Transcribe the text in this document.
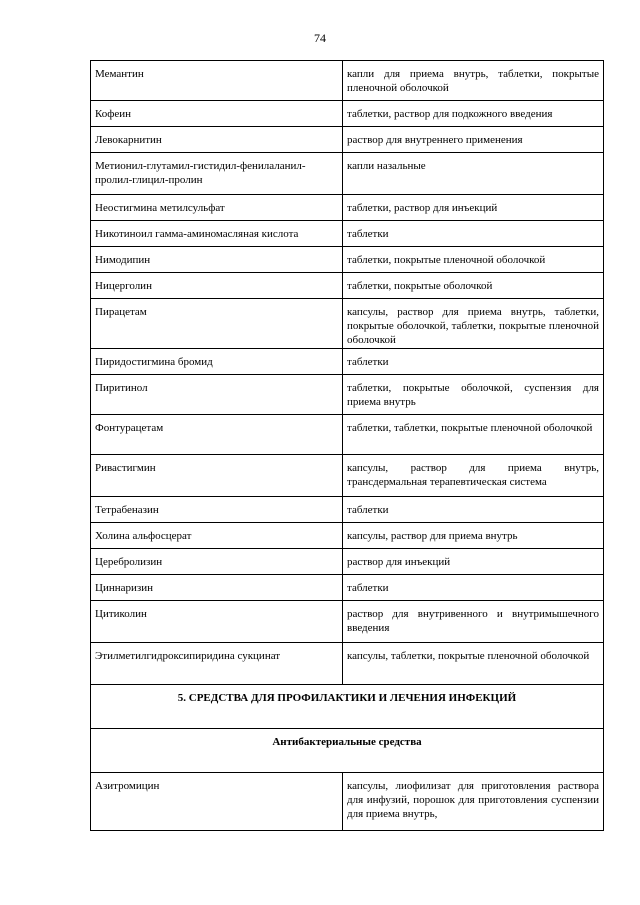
74
Мемантин	капли для приема внутрь, таблетки, покрытые пленочной оболочкой
Кофеин	таблетки, раствор для подкожного введения
Левокарнитин	раствор для внутреннего применения
Метионил-глутамил-гистидил-фенилаланил-пролил-глицил-пролин	капли назальные
Неостигмина метилсульфат	таблетки, раствор для инъекций
Никотиноил гамма-аминомасляная кислота	таблетки
Нимодипин	таблетки, покрытые пленочной оболочкой
Ницерголин	таблетки, покрытые оболочкой
Пирацетам	капсулы, раствор для приема внутрь, таблетки, покрытые оболочкой, таблетки, покрытые пленочной оболочкой
Пиридостигмина бромид	таблетки
Пиритинол	таблетки, покрытые оболочкой, суспензия для приема внутрь
Фонтурацетам	таблетки, таблетки, покрытые пленочной оболочкой
Ривастигмин	капсулы, раствор для приема внутрь, трансдермальная терапевтическая система
Тетрабеназин	таблетки
Холина альфосцерат	капсулы, раствор для приема внутрь
Церебролизин	раствор для инъекций
Циннаризин	таблетки
Цитиколин	раствор для внутривенного и внутримышечного введения
Этилметилгидроксипиридина сукцинат	капсулы, таблетки, покрытые пленочной оболочкой
5. СРЕДСТВА ДЛЯ ПРОФИЛАКТИКИ И ЛЕЧЕНИЯ ИНФЕКЦИЙ	
Антибактериальные средства	
Азитромицин	капсулы, лиофилизат для приготовления раствора для инфузий, порошок для приготовления суспензии для приема внутрь,
